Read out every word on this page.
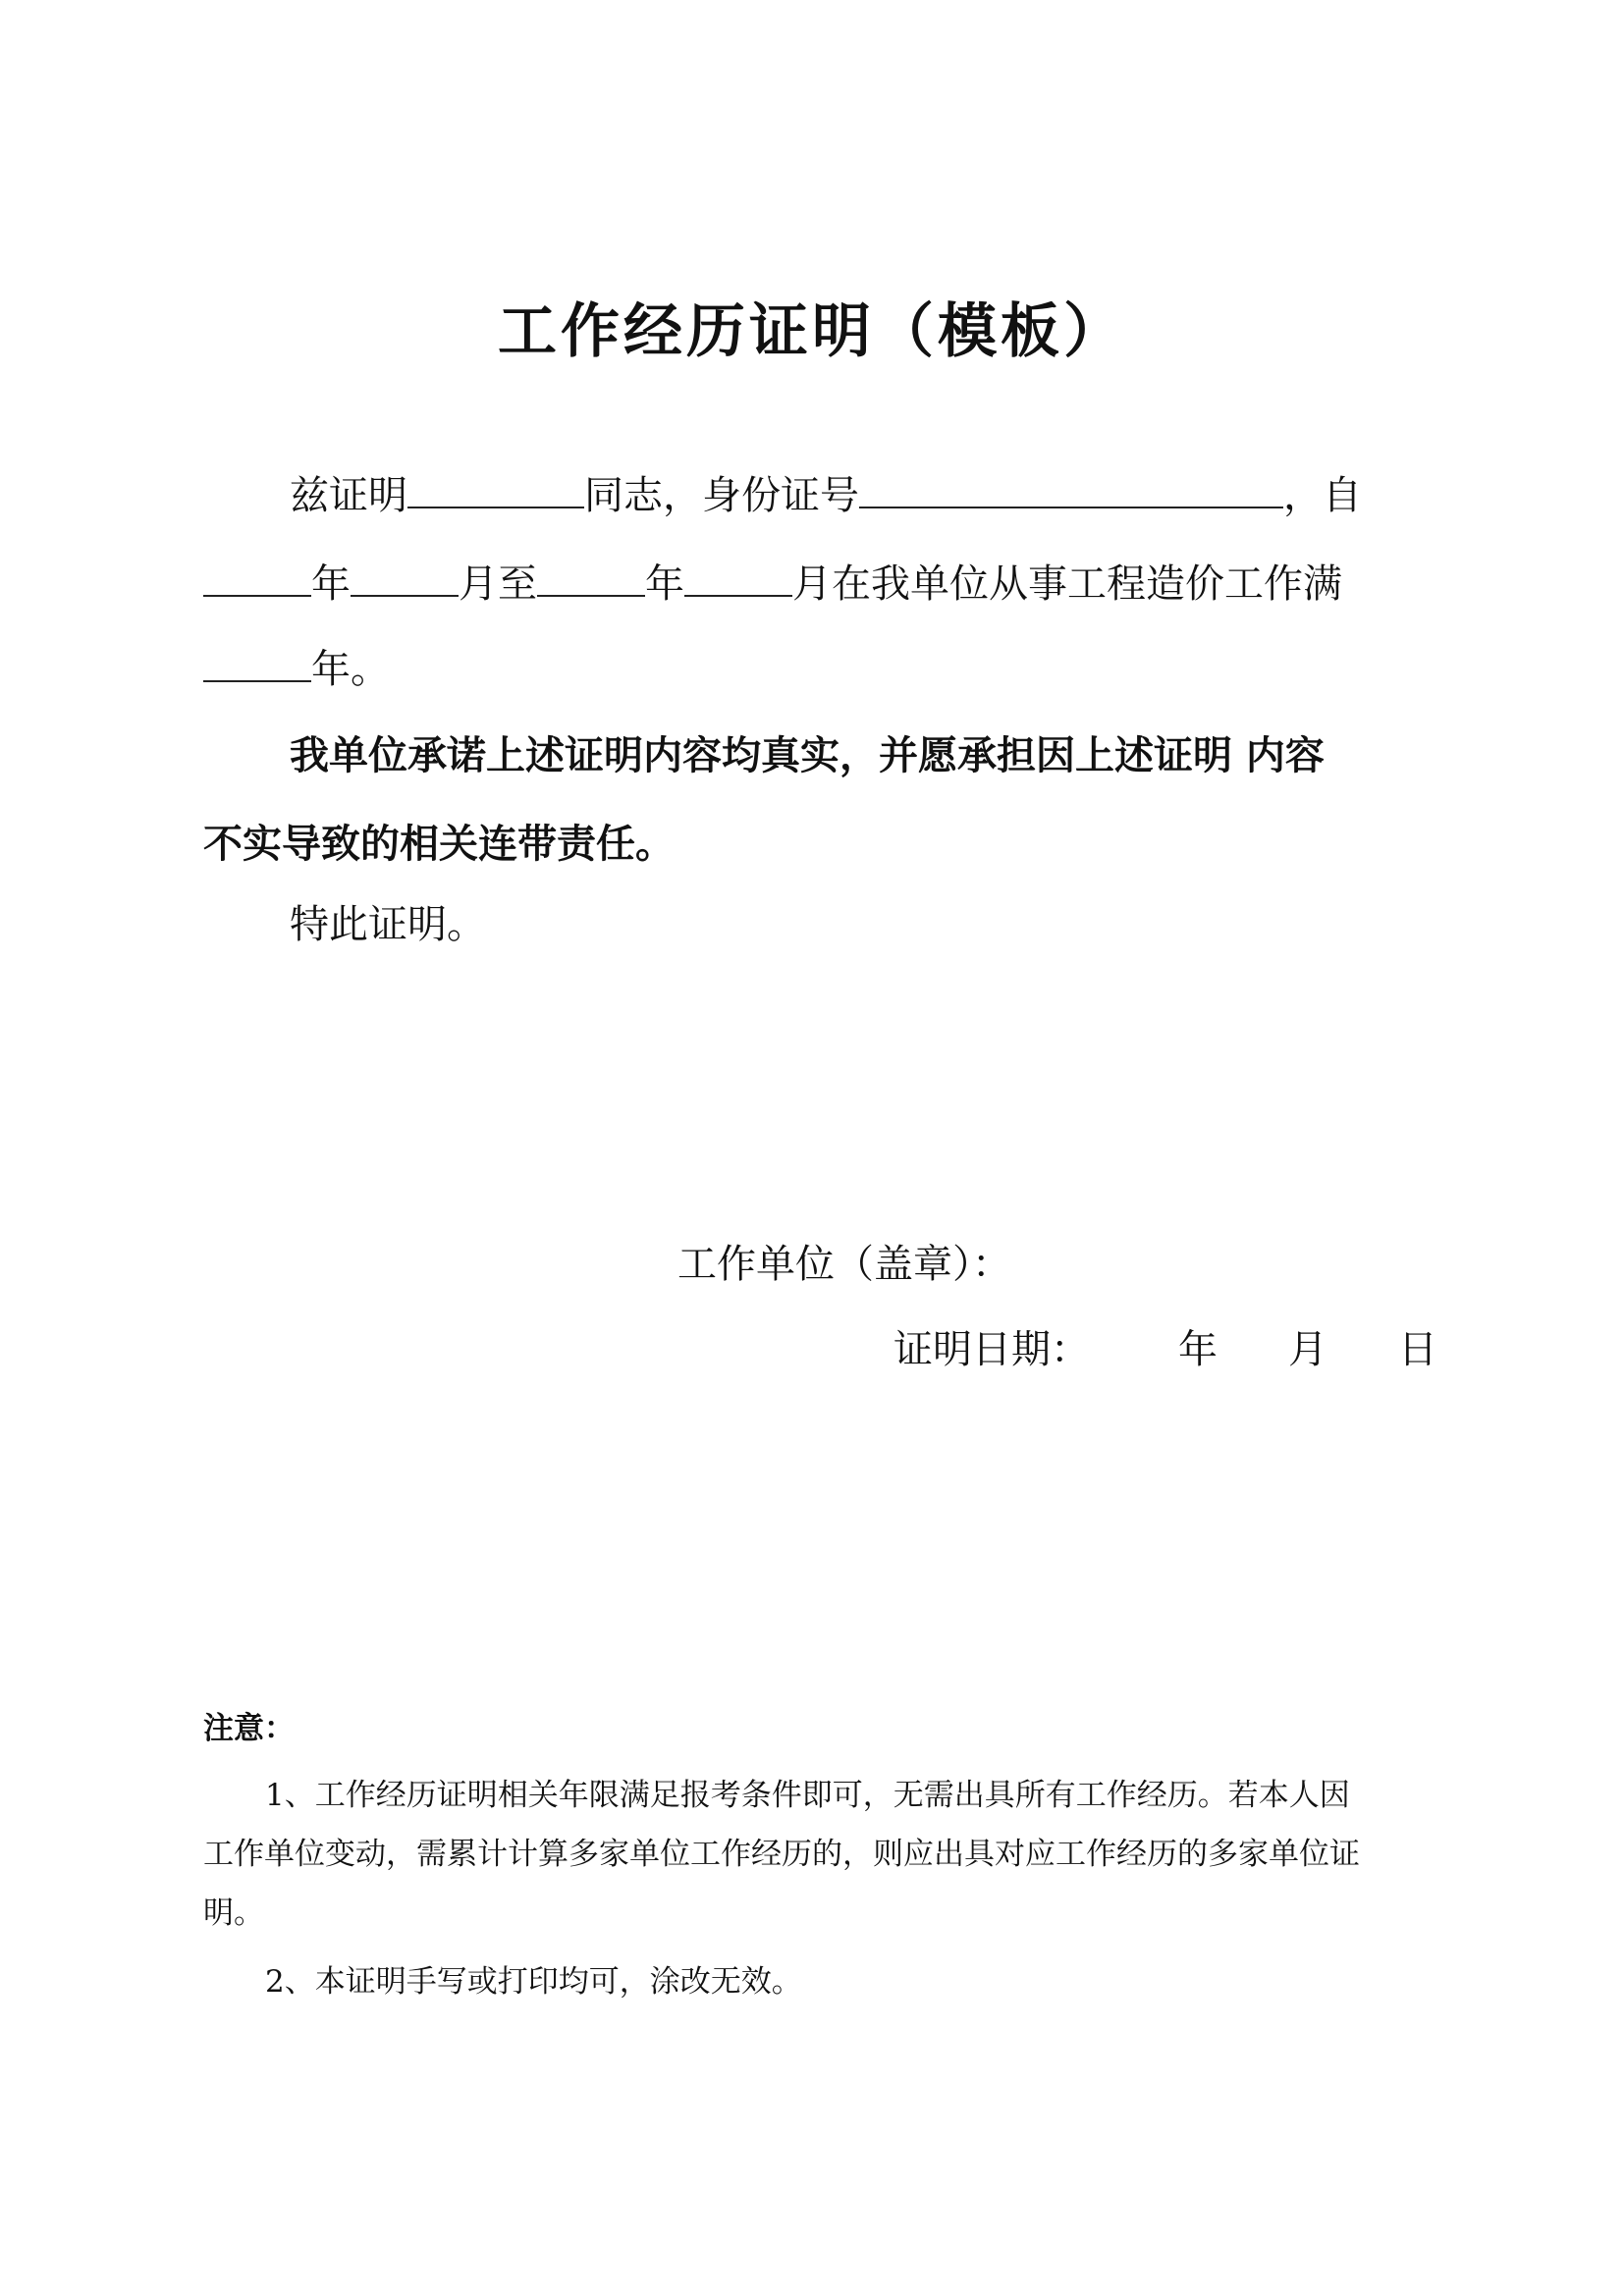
工作经历证明（模板）
兹证明	同志，身份证号	，自
年	月至	年	月在我单位从事工程造价工作满
年。
我单位承诺上述证明内容均真实，并愿承担因上述证明 内容
不实导致的相关连带责任。
特此证明。
工作单位（盖章）：
证明日期： 年 月 日
注意：
1、工作经历证明相关年限满足报考条件即可，无需出具所有工作经历。若本人因
工作单位变动，需累计计算多家单位工作经历的，则应出具对应工作经历的多家单位证
明。
2、本证明手写或打印均可，涂改无效。
